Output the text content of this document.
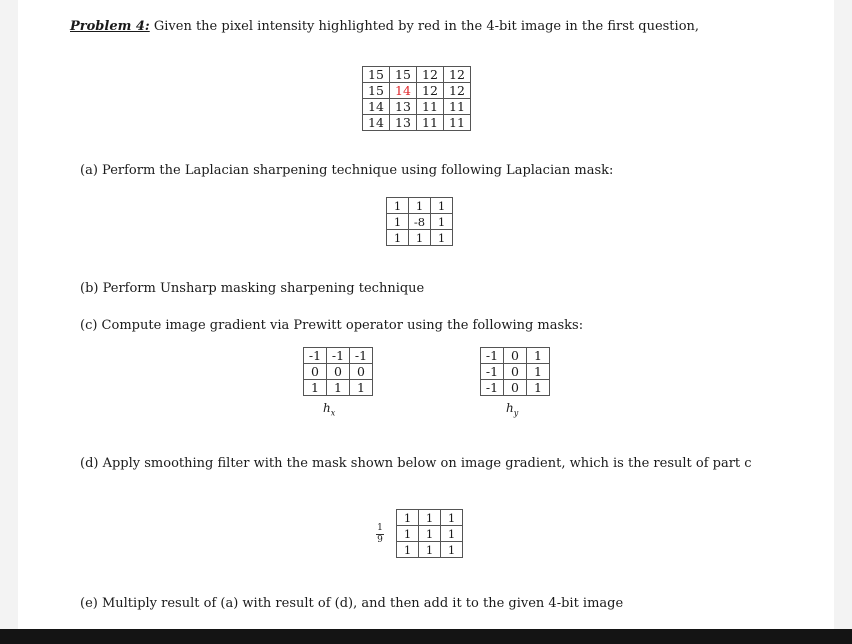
Problem 4: Given the pixel intensity highlighted by red in the 4-bit image in the first question,
15	15	12	12
15	14	12	12
14	13	11	11
14	13	11	11
(a) Perform the Laplacian sharpening technique using following Laplacian mask:
1	1	1
1	-8	1
1	1	1
(b) Perform Unsharp masking sharpening technique
(c) Compute image gradient via Prewitt operator using the following masks:
-1	-1	-1
0	0	0
1	1	1
$h_x$
-1	0	1
-1	0	1
-1	0	1
$h_y$
(d) Apply smoothing filter with the mask shown below on image gradient, which is the result of part c
1
9
1	1	1
1	1	1
1	1	1
(e) Multiply result of (a) with result of (d), and then add it to the given 4-bit image
